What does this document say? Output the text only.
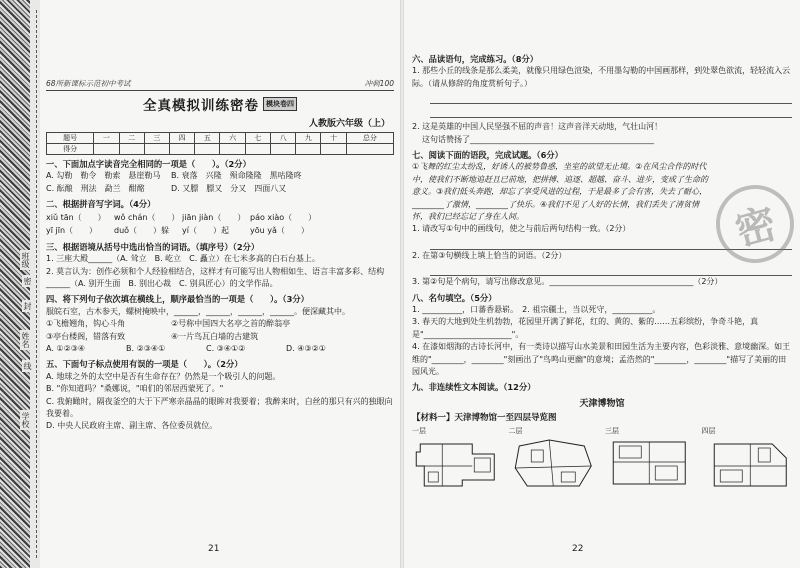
班级
姓名
学校
密
封
线
68所新课标示范初中考试	冲刺100
全真模拟训练密卷	模块卷四
人教版六年级（上）
题号	一	二	三	四	五	六	七	八	九	十	总分
得分											
一、下面加点字读音完全相同的一项是（　　）。（2分）
A. 勾勒　勒令　勒索　悬崖勒马	B. 衰落　兴隆　殒命隆隆　黑咕隆咚
C. 酝酿　刑法　勐兰　酣酩	D. 又膘　膘又　分又　四面八又
二、根据拼音写字词。（4分）
xiǔ tān（　　）	wǒ chán（　　） jiān jiàn（　　） páo xiào（　　）
yī jīn（　　）	duǒ（　　）躲	yí（　　）起	yōu yǎ（　　）
三、根据语境从括号中选出恰当的词语。（填序号）（2分）
1. 三座大殿______（A. 耸立　B. 屹立　C. 矗立）在七米多高的白石台基上。
2. 莫言认为：创作必须和个人经验相结合，这样才有可能写出人物相如生、语言丰富多彩、结构______（A. 别开生面　B. 别出心裁　C. 别具匠心）的文学作品。
四、将下列句子依次填在横线上，顺序最恰当的一项是（　　）。（3分）
服皖石室，古木参天，螺树掩映中，______，______，______，______。便深藏其中。
①飞檐翘角，钩心斗角	②号称中国四大名亭之首的醉翁亭
③亭台楼阁，错落有致	④一片鸟瓦白墙的古建筑
A. ①②③④	B. ②③④①	C. ③④①②	D. ④③②①
五、下面句子标点使用有误的一项是（　　）。（2分）
A. 地球之外的太空中是否有生命存在？仍然是一个吸引人的问题。
B. "你知道吗？"桑娜说，"咱们的邻居西蒙死了。"
C. 我俯瞰时，隔夜釜空的大于下严寒亲晶晶的眼眸对我要着；我醉来时，白丝的那只有兴的独眼向我要着。
D. 中央人民政府主席、副主席、各位委员就位。
21
六、品读语句，完成练习。（8分）
1. 那些小丘的线条是那么柔美，就像只用绿色渲染，不用墨勾勒的中国画那样，到处翠色欲流，轻轻流入云际。（请从修辞的角度赏析句子。）
2. 这是英雄的中国人民坚强不屈的声音！这声音洋天动地，气壮山河！
这句话赞扬了______________________________________________
七、阅读下面的语段，完成试题。（6分）
①飞舞的红尘太纷乱，好诱人的被势鲁惑，坐室的欲望无止境。②在风尘合作的时代中，使我们不断地追赶且已前地，把拼搏、追逐、超越、奋斗、进步，变成了生命的意义。③我们低头奔跑，却忘了享受风进的过程，于是最多了会有害，失去了耐心，________了激情，________了快乐。④我们不见了人好的长情，我们丢失了清贫情怀，我们已经忘记了身在人间。
1. 请改写①句中的画线句，使之与前后两句结构一致。（2分）
2. 在第③句横线上填上恰当的词语。（2分）
3. 第②句是个病句，请写出修改意见。____________________________________（2分）
密
八、名句填空。（5分）
1. __________，口蕃香悬崭。　2. 祖宗疆土，当以死守，__________。
3. 春天的大地到处生机勃勃，花园里开满了鲜花，红的、黄的、紫的……五彩缤纷，争奇斗艳，真是"______________________"。
4. 在漆如烟海的古诗长河中，有一类诗以描写山水美景和田园生活为主要内容，色彩淡雅、意境幽深。如王维的"________，________"刻画出了"鸟鸣山更幽"的意境；孟浩然的"________，________"描写了美丽的田园风光。
九、非连续性文本阅读。（12分）
天津博物馆
【材料一】天津博物馆一至四层导览图
一层	二层	三层	四层
22
